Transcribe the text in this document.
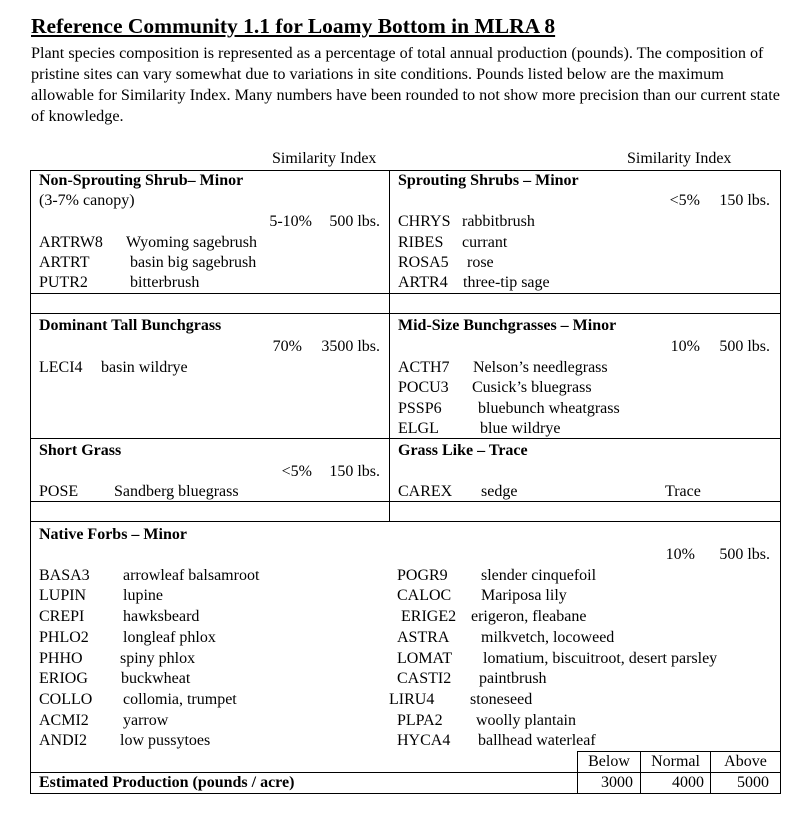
Reference Community 1.1 for Loamy Bottom in MLRA 8

Plant species composition is represented as a percentage of total annual production (pounds). The composition of pristine sites can vary somewhat due to variations in site conditions. Pounds listed below are the maximum allowable for Similarity Index. Many numbers have been rounded to not show more precision than our current state of knowledge.

Similarity Index	Similarity Index
Non-Sprouting Shrub– Minor
(3-7% canopy)
5-10%	500 lbs.
ARTRW8 Wyoming sagebrush
ARTRT	basin big sagebrush
PUTR2	bitterbrush
Sprouting Shrubs – Minor
<5%	150 lbs.
CHRYS rabbitbrush
RIBES currant
ROSA5 rose
ARTR4 three-tip sage
Dominant Tall Bunchgrass
70%	3500 lbs.
LECI4 basin wildrye
Mid-Size Bunchgrasses – Minor
10%	500 lbs.
ACTH7 Nelson’s needlegrass
POCU3 Cusick’s bluegrass
PSSP6 bluebunch wheatgrass
ELGL	blue wildrye
Short Grass
<5%	150 lbs.
POSE Sandberg bluegrass
Grass Like – Trace
CAREX sedge	Trace
Native Forbs – Minor
10%	500 lbs.
BASA3 arrowleaf balsamroot
LUPIN lupine
CREPI hawksbeard
PHLO2 longleaf phlox
PHHO spiny phlox
ERIOG buckwheat
COLLO collomia, trumpet
ACMI2 yarrow
ANDI2 low pussytoes
POGR9 slender cinquefoil
CALOC Mariposa lily
ERIGE2 erigeron, fleabane
ASTRA milkvetch, locoweed
LOMAT lomatium, biscuitroot, desert parsley
CASTI2 paintbrush
LIRU4 stoneseed
PLPA2 woolly plantain
HYCA4 ballhead waterleaf
Below	Normal	Above
Estimated Production (pounds / acre)	3000	4000	5000
